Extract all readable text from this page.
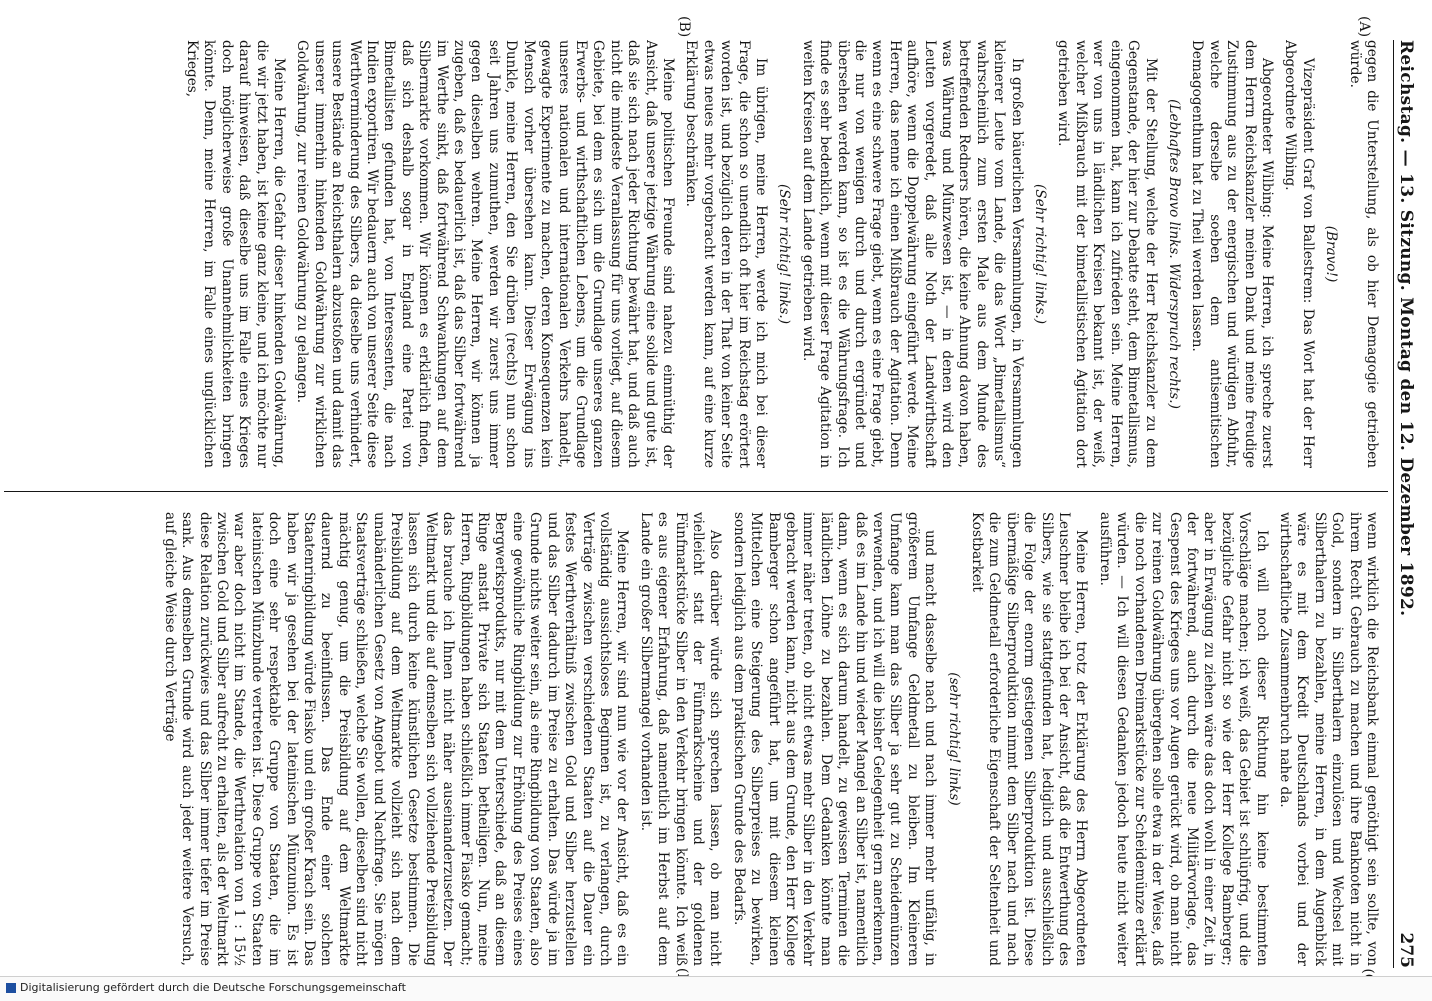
Reichstag. — 13. Sitzung. Montag den 12. Dezember 1892.
275
(A)
(B)

gegen die Unterstellung, als ob hier Demagogie getrieben würde.

(Bravo!)

Vizepräsident Graf von Ballestrem: Das Wort hat der Herr Abgeordnete Wilbing.

Abgeordneter Wilbing: Meine Herren, ich spreche zuerst dem Herrn Reichskanzler meinen Dank und meine freudige Zustimmung aus zu der energischen und würdigen Abfuhr, welche derselbe soeben dem antisemitischen Demagogenthum hat zu Theil werden lassen.

(Lebhaftes Bravo links. Widerspruch rechts.)

Mit der Stellung, welche der Herr Reichskanzler zu dem Gegenstande, der hier zur Debatte steht, dem Bimetallismus, eingenommen hat, kann ich zufrieden sein. Meine Herren, wer von uns in ländlichen Kreisen bekannt ist, der weiß, welcher Mißbrauch mit der bimetallistischen Agitation dort getrieben wird.

(Sehr richtig! links.)

In großen bäuerlichen Versammlungen, in Versammlungen kleinerer Leute vom Lande, die das Wort „Bimetallismus“ wahrscheinlich zum ersten Male aus dem Munde des betreffenden Redners hören, die keine Ahnung davon haben, was Währung und Münzwesen ist, — in denen wird den Leuten vorgeredet, daß alle Noth der Landwirthschaft aufhöre, wenn die Doppelwährung eingeführt werde. Meine Herren, das nenne ich einen Mißbrauch der Agitation. Denn wenn es eine schwere Frage giebt, wenn es eine Frage giebt, die nur von wenigen durch und durch ergründet und übersehen werden kann, so ist es die Währungsfrage. Ich finde es sehr bedenklich, wenn mit dieser Frage Agitation in weiten Kreisen auf dem Lande getrieben wird.

(Sehr richtig! links.)

Im übrigen, meine Herren, werde ich mich bei dieser Frage, die schon so unendlich oft hier im Reichstag erörtert worden ist, und bezüglich deren in der That von keiner Seite etwas neues mehr vorgebracht werden kann, auf eine kurze Erklärung beschränken.

Meine politischen Freunde sind nahezu einmüthig der Ansicht, daß unsere jetzige Währung eine solide und gute ist, daß sie sich nach jeder Richtung bewährt hat, und daß auch nicht die mindeste Veranlassung für uns vorliegt, auf diesem Gebiete, bei dem es sich um die Grundlage unseres ganzen Erwerbs- und wirthschaftlichen Lebens, um die Grundlage unseres nationalen und internationalen Verkehrs handelt, gewagte Experimente zu machen, deren Konsequenzen kein Mensch vorher übersehen kann. Dieser Erwägung ins Dunkle, meine Herren, den Sie drüben (rechts) nun schon seit Jahren uns zumuthen, werden wir zuerst uns immer gegen dieselben wehren. Meine Herren, wir können ja zugeben, daß es bedauerlich ist, daß das Silber fortwährend im Werthe sinkt, daß fortwährend Schwankungen auf dem Silbermarkte vorkommen. Wir können es erklärlich finden, daß sich deshalb sogar in England eine Partei von Bimetallisten gefunden hat, von Interessenten, die nach Indien exportiren. Wir bedauern auch von unserer Seite diese Werthverminderung des Silbers, da dieselbe uns verhindert, unsere Bestände an Reichsthalern abzustoßen und damit das unserer immerhin hinkenden Goldwährung zur wirklichen Goldwährung, zur reinen Goldwährung zu gelangen.

Meine Herren, die Gefahr dieser hinkenden Goldwährung, die wir jetzt haben, ist keine ganz kleine, und ich möchte nur darauf hinweisen, daß dieselbe uns im Falle eines Krieges doch möglicherweise große Unannehmlichkeiten bringen könnte. Denn, meine Herren, im Falle eines unglücklichen Krieges,

wenn wirklich die Reichsbank einmal genöthigt sein sollte, von ihrem Recht Gebrauch zu machen und ihre Banknoten nicht in Gold, sondern in Silberthalern einzulösen und Wechsel mit Silberthalern zu bezahlen, meine Herren, in dem Augenblick wäre es mit dem Kredit Deutschlands vorbei und der wirthschaftliche Zusammenbruch nahe da.

Ich will noch dieser Richtung hin keine bestimmten Vorschläge machen; ich weiß, das Gebiet ist schlüpfrig, und die bezügliche Gefahr nicht so wie der Herr Kollege Bamberger; aber in Erwägung zu ziehen wäre das doch wohl in einer Zeit, in der fortwährend, auch durch die neue Militärvorlage, das Gespenst des Krieges uns vor Augen gerückt wird, ob man nicht zur reinen Goldwährung übergehen solle etwa in der Weise, daß die noch vorhandenen Dreimarkstücke zur Scheidemünze erklärt würden. — Ich will diesen Gedanken jedoch heute nicht weiter ausführen.

Meine Herren, trotz der Erklärung des Herrn Abgeordneten Leuschner bleibe ich bei der Ansicht, daß die Entwerthung des Silbers, wie sie stattgefunden hat, lediglich und ausschließlich die Folge der enorm gestiegenen Silberproduktion ist. Diese übermäßige Silberproduktion nimmt dem Silber nach und nach die zum Geldmetall erforderliche Eigenschaft der Seltenheit und Kostbarkeit

(sehr richtig! links)

und macht dasselbe nach und nach immer mehr unfähig, in größerem Umfange Geldmetall zu bleiben. Im Kleineren Umfange kann man das Silber ja sehr gut zu Scheidemünzen verwenden, und ich will die bisher Gelegenheit gern anerkennen, daß es im Lande hin und wieder Mangel an Silber ist, namentlich dann, wenn es sich darum handelt, zu gewissen Terminen die ländlichen Löhne zu bezahlen. Dem Gedanken könnte man immer näher treten, ob nicht etwas mehr Silber in den Verkehr gebracht werden kann, nicht aus dem Grunde, den Herr Kollege Bamberger schon angeführt hat, um mit diesem kleinen Mittelchen eine Steigerung des Silberpreises zu bewirken, sondern lediglich aus dem praktischen Grunde des Bedarfs.

Also darüber würde sich sprechen lassen, ob man nicht vielleicht statt der Fünfmarkscheine und der goldenen Fünfmarkstücke Silber in den Verkehr bringen könnte. Ich weiß es aus eigener Erfahrung, daß namentlich im Herbst auf dem Lande ein großer Silbermangel vorhanden ist.

Meine Herren, wir sind nun wie vor der Ansicht, daß es ein vollständig aussichtsloses Beginnen ist, zu verlangen, durch Verträge zwischen verschiedenen Staaten auf die Dauer ein festes Werthverhältniß zwischen Gold und Silber herzustellen und das Silber dadurch im Preise zu erhalten. Das würde ja im Grunde nichts weiter sein, als eine Ringbildung von Staaten, also eine gewöhnliche Ringbildung zur Erhöhung des Preises eines Bergwerksprodukts, nur mit dem Unterschiede, daß an diesem Ringe anstatt Private sich Staaten betheiligen. Nun, meine Herren, Ringbildungen haben schließlich immer Fiasko gemacht; das brauche ich Ihnen nicht näher auseinanderzusetzen. Der Weltmarkt und die auf demselben sich vollziehende Preisbildung lassen sich durch keine künstlichen Gesetze bestimmen. Die Preisbildung auf dem Weltmarkte vollzieht sich nach dem unabänderlichen Gesetz von Angebot und Nachfrage. Sie mögen Staatsverträge schließen, welche Sie wollen, dieselben sind nicht mächtig genug, um die Preisbildung auf dem Weltmarkte dauernd zu beeinflussen. Das Ende einer solchen Staatenringbildung würde Fiasko und ein großer Krach sein. Das haben wir ja gesehen bei der lateinischen Münzunion. Es ist doch eine sehr respektable Gruppe von Staaten, die im lateinischen Münzbunde vertreten ist. Diese Gruppe von Staaten war aber doch nicht im Stande, die Werthrelation von 1 : 15½ zwischen Gold und Silber aufrecht zu erhalten, als der Weltmarkt diese Relation zurückwies und das Silber immer tiefer im Preise sank. Aus demselben Grunde wird auch jeder weitere Versuch, auf gleiche Weise durch Verträge

Digitalisierung gefördert durch die Deutsche Forschungsgemeinschaft
